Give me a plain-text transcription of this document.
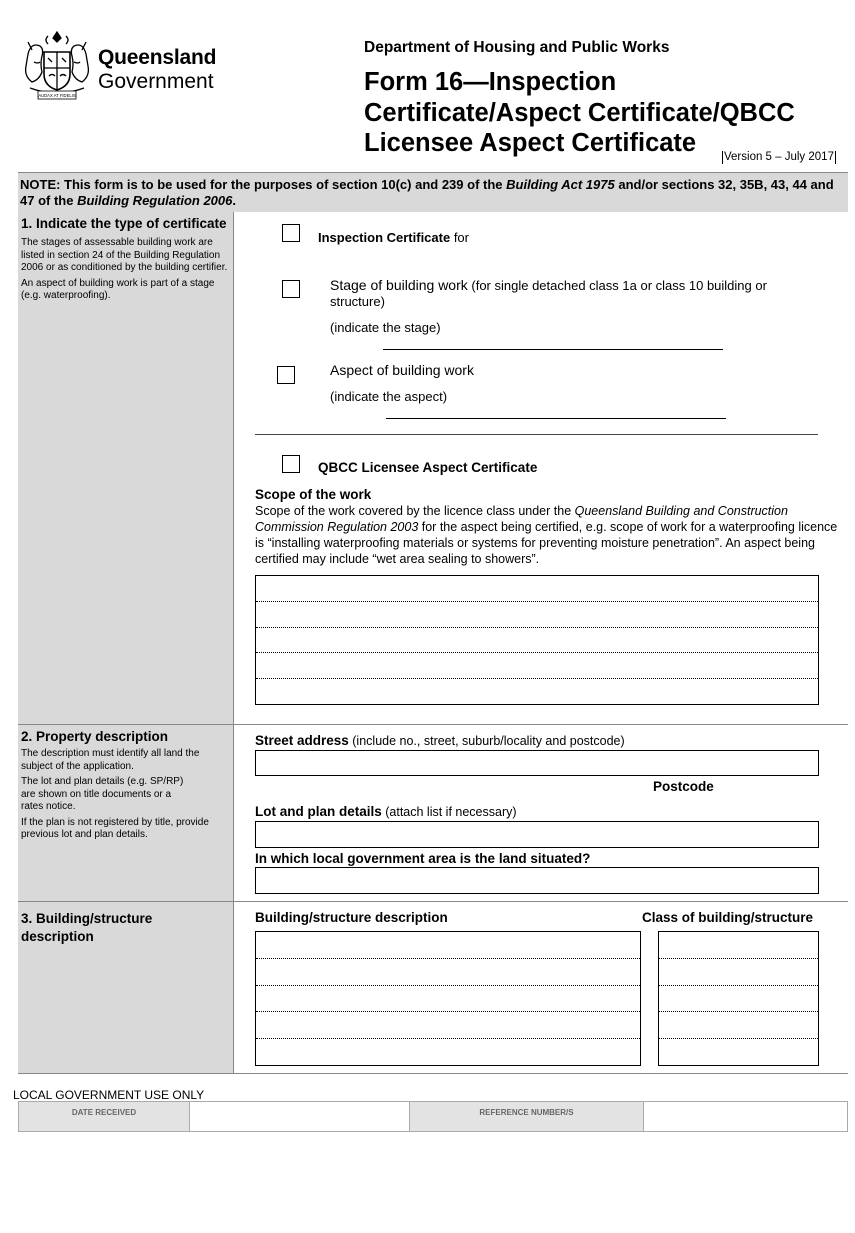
AUDAX AT FIDELIS
Queensland
Government
Department of Housing and Public Works
Form 16—Inspection
Certificate/Aspect Certificate/QBCC
Licensee Aspect Certificate	Version 5 – July 2017
NOTE: This form is to be used for the purposes of section 10(c) and 239 of the Building Act 1975 and/or sections 32, 35B, 43, 44 and 47 of the Building Regulation 2006.
1. Indicate the type of certificate
The stages of assessable building work are listed in section 24 of the Building Regulation 2006 or as conditioned by the building certifier.
An aspect of building work is part of a stage (e.g. waterproofing).
Inspection Certificate for
Stage of building work (for single detached class 1a or class 10 building or structure)
(indicate the stage)
Aspect of building work
(indicate the aspect)
QBCC Licensee Aspect Certificate
Scope of the work
Scope of the work covered by the licence class under the Queensland Building and Construction Commission Regulation 2003 for the aspect being certified, e.g. scope of work for a waterproofing licence is “installing waterproofing materials or systems for preventing moisture penetration”. An aspect being certified may include “wet area sealing to showers”.
2. Property description
The description must identify all land the subject of the application.
The lot and plan details (e.g. SP/RP) are shown on title documents or a rates notice.
If the plan is not registered by title, provide previous lot and plan details.
Street address (include no., street, suburb/locality and postcode)
Postcode
Lot and plan details (attach list if necessary)
In which local government area is the land situated?
3. Building/structure description
Building/structure description	Class of building/structure
LOCAL GOVERNMENT USE ONLY
DATE RECEIVED	REFERENCE NUMBER/S
